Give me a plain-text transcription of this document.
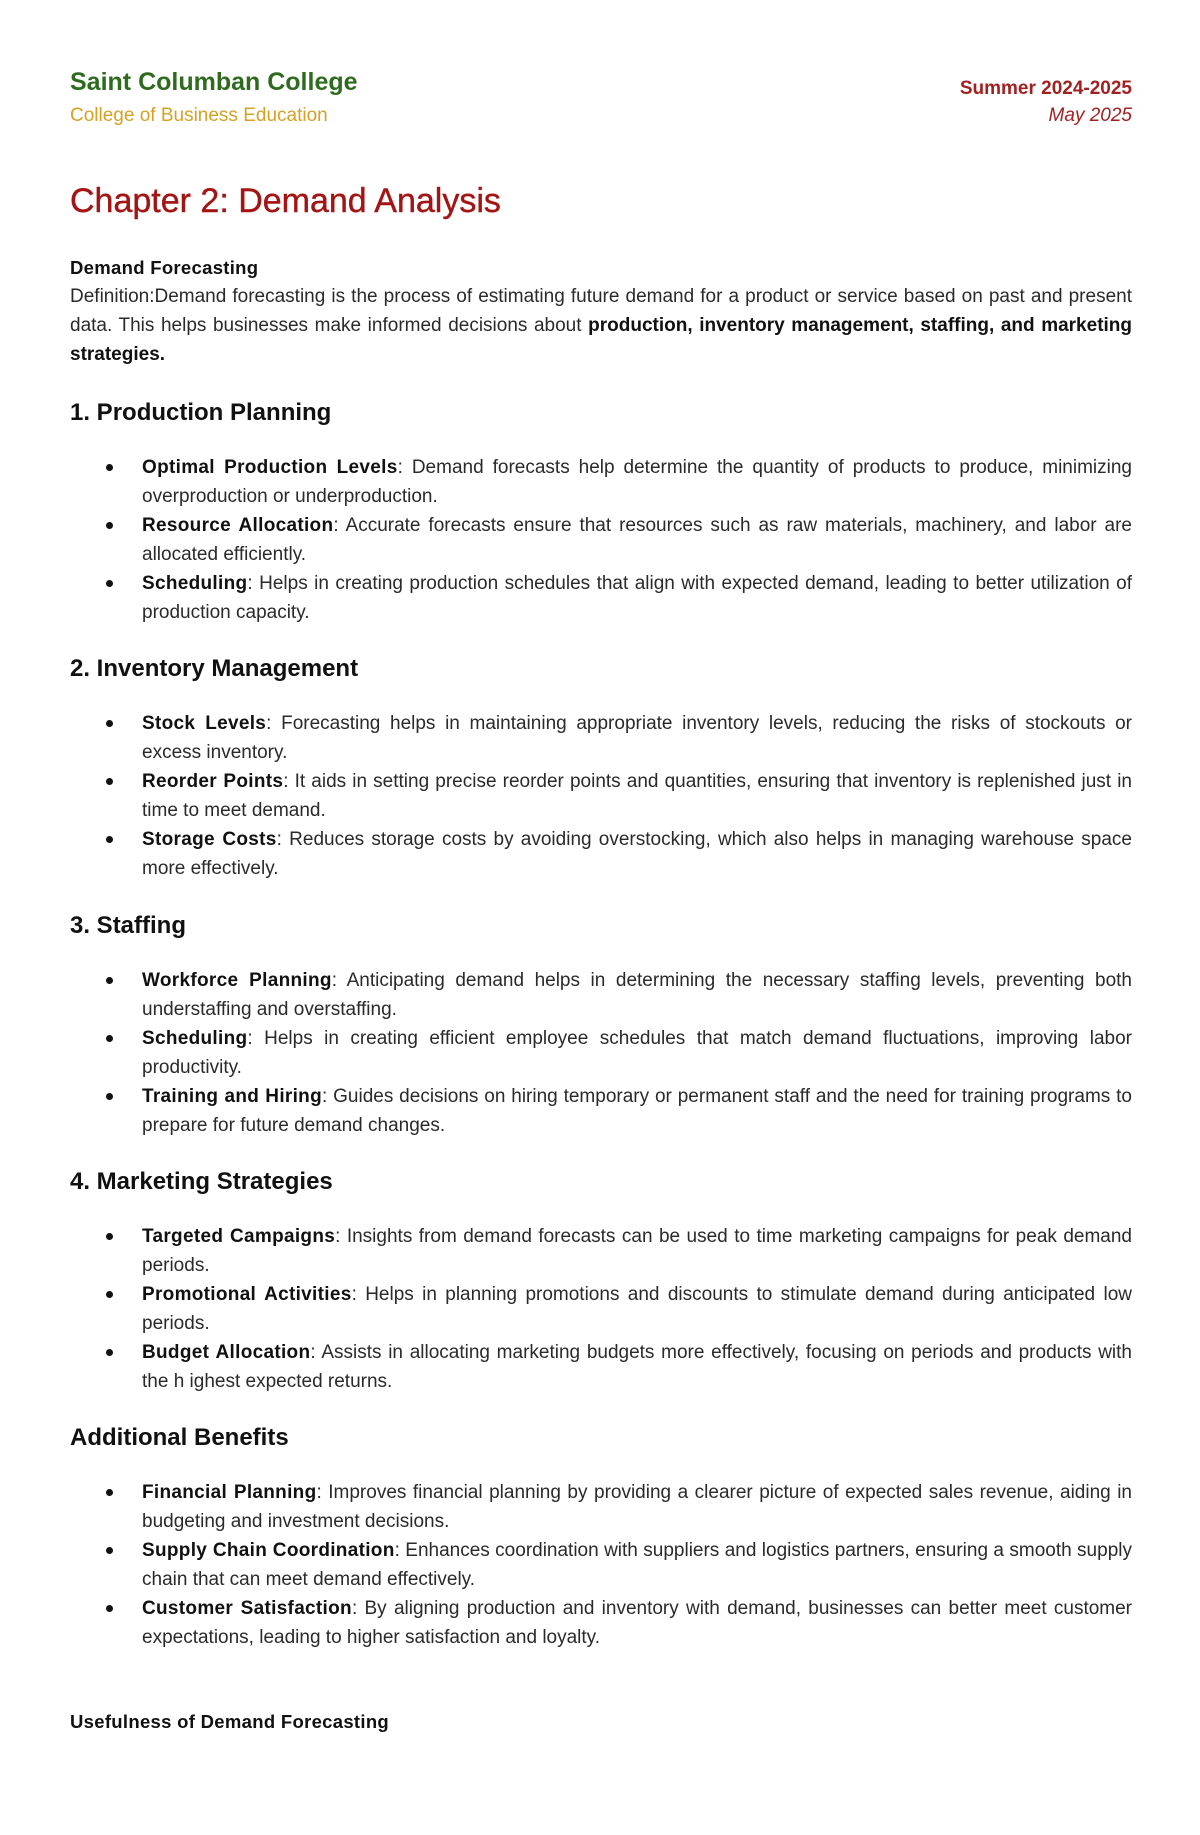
Saint Columban College
College of Business Education
Summer 2024-2025
May 2025
Chapter 2: Demand Analysis
Demand Forecasting
Definition:Demand forecasting is the process of estimating future demand for a product or service based on past and present data. This helps businesses make informed decisions about production, inventory management, staffing, and marketing strategies.
1. Production Planning
Optimal Production Levels: Demand forecasts help determine the quantity of products to produce, minimizing overproduction or underproduction.
Resource Allocation: Accurate forecasts ensure that resources such as raw materials, machinery, and labor are allocated efficiently.
Scheduling: Helps in creating production schedules that align with expected demand, leading to better utilization of production capacity.
2. Inventory Management
Stock Levels: Forecasting helps in maintaining appropriate inventory levels, reducing the risks of stockouts or excess inventory.
Reorder Points: It aids in setting precise reorder points and quantities, ensuring that inventory is replenished just in time to meet demand.
Storage Costs: Reduces storage costs by avoiding overstocking, which also helps in managing warehouse space more effectively.
3. Staffing
Workforce Planning: Anticipating demand helps in determining the necessary staffing levels, preventing both understaffing and overstaffing.
Scheduling: Helps in creating efficient employee schedules that match demand fluctuations, improving labor productivity.
Training and Hiring: Guides decisions on hiring temporary or permanent staff and the need for training programs to prepare for future demand changes.
4. Marketing Strategies
Targeted Campaigns: Insights from demand forecasts can be used to time marketing campaigns for peak demand periods.
Promotional Activities: Helps in planning promotions and discounts to stimulate demand during anticipated low periods.
Budget Allocation: Assists in allocating marketing budgets more effectively, focusing on periods and products with the h ighest expected returns.
Additional Benefits
Financial Planning: Improves financial planning by providing a clearer picture of expected sales revenue, aiding in budgeting and investment decisions.
Supply Chain Coordination: Enhances coordination with suppliers and logistics partners, ensuring a smooth supply chain that can meet demand effectively.
Customer Satisfaction: By aligning production and inventory with demand, businesses can better meet customer expectations, leading to higher satisfaction and loyalty.
Usefulness of Demand Forecasting
